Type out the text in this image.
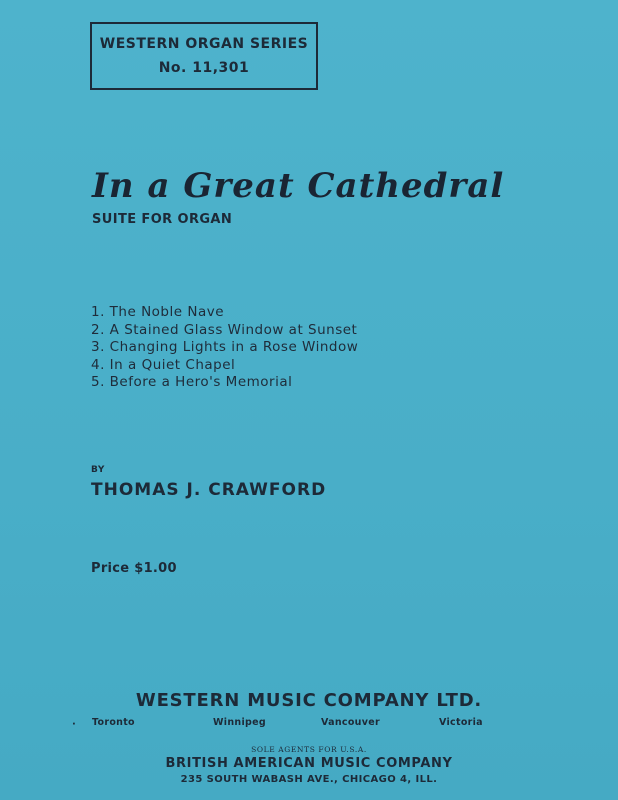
WESTERN ORGAN SERIES
No. 11,301
In a Great Cathedral
SUITE FOR ORGAN
1. The Noble Nave
2. A Stained Glass Window at Sunset
3. Changing Lights in a Rose Window
4. In a Quiet Chapel
5. Before a Hero's Memorial
BY
THOMAS J. CRAWFORD
Price $1.00
WESTERN MUSIC COMPANY LTD.
· Toronto	Winnipeg	Vancouver	Victoria
SOLE AGENTS FOR U.S.A.
BRITISH AMERICAN MUSIC COMPANY
235 SOUTH WABASH AVE., CHICAGO 4, ILL.
